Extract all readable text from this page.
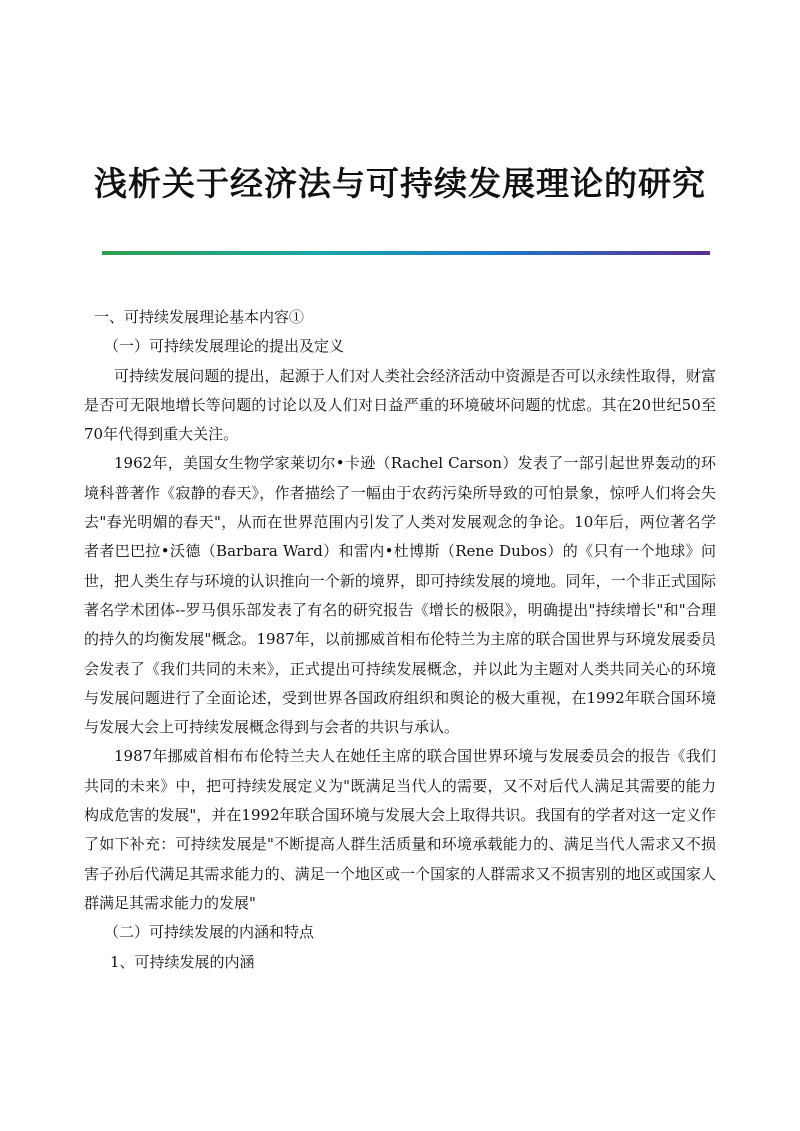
浅析关于经济法与可持续发展理论的研究
一、可持续发展理论基本内容①
（一）可持续发展理论的提出及定义

可持续发展问题的提出，起源于人们对人类社会经济活动中资源是否可以永续性取得，财富是否可无限地增长等问题的讨论以及人们对日益严重的环境破坏问题的忧虑。其在20世纪50至70年代得到重大关注。

1962年，美国女生物学家莱切尔•卡逊（Rachel Carson）发表了一部引起世界轰动的环境科普著作《寂静的春天》，作者描绘了一幅由于农药污染所导致的可怕景象，惊呼人们将会失去"春光明媚的春天"，从而在世界范围内引发了人类对发展观念的争论。10年后，两位著名学者者巴巴拉•沃德（Barbara Ward）和雷内•杜博斯（Rene Dubos）的《只有一个地球》问世，把人类生存与环境的认识推向一个新的境界，即可持续发展的境地。同年，一个非正式国际著名学术团体--罗马俱乐部发表了有名的研究报告《增长的极限》，明确提出"持续增长"和"合理的持久的均衡发展"概念。1987年，以前挪威首相布伦特兰为主席的联合国世界与环境发展委员会发表了《我们共同的未来》，正式提出可持续发展概念，并以此为主题对人类共同关心的环境与发展问题进行了全面论述，受到世界各国政府组织和舆论的极大重视，在1992年联合国环境与发展大会上可持续发展概念得到与会者的共识与承认。

1987年挪威首相布布伦特兰夫人在她任主席的联合国世界环境与发展委员会的报告《我们共同的未来》中，把可持续发展定义为"既满足当代人的需要，又不对后代人满足其需要的能力构成危害的发展"，并在1992年联合国环境与发展大会上取得共识。我国有的学者对这一定义作了如下补充：可持续发展是"不断提高人群生活质量和环境承载能力的、满足当代人需求又不损害子孙后代满足其需求能力的、满足一个地区或一个国家的人群需求又不损害别的地区或国家人群满足其需求能力的发展"

（二）可持续发展的内涵和特点
1、可持续发展的内涵
